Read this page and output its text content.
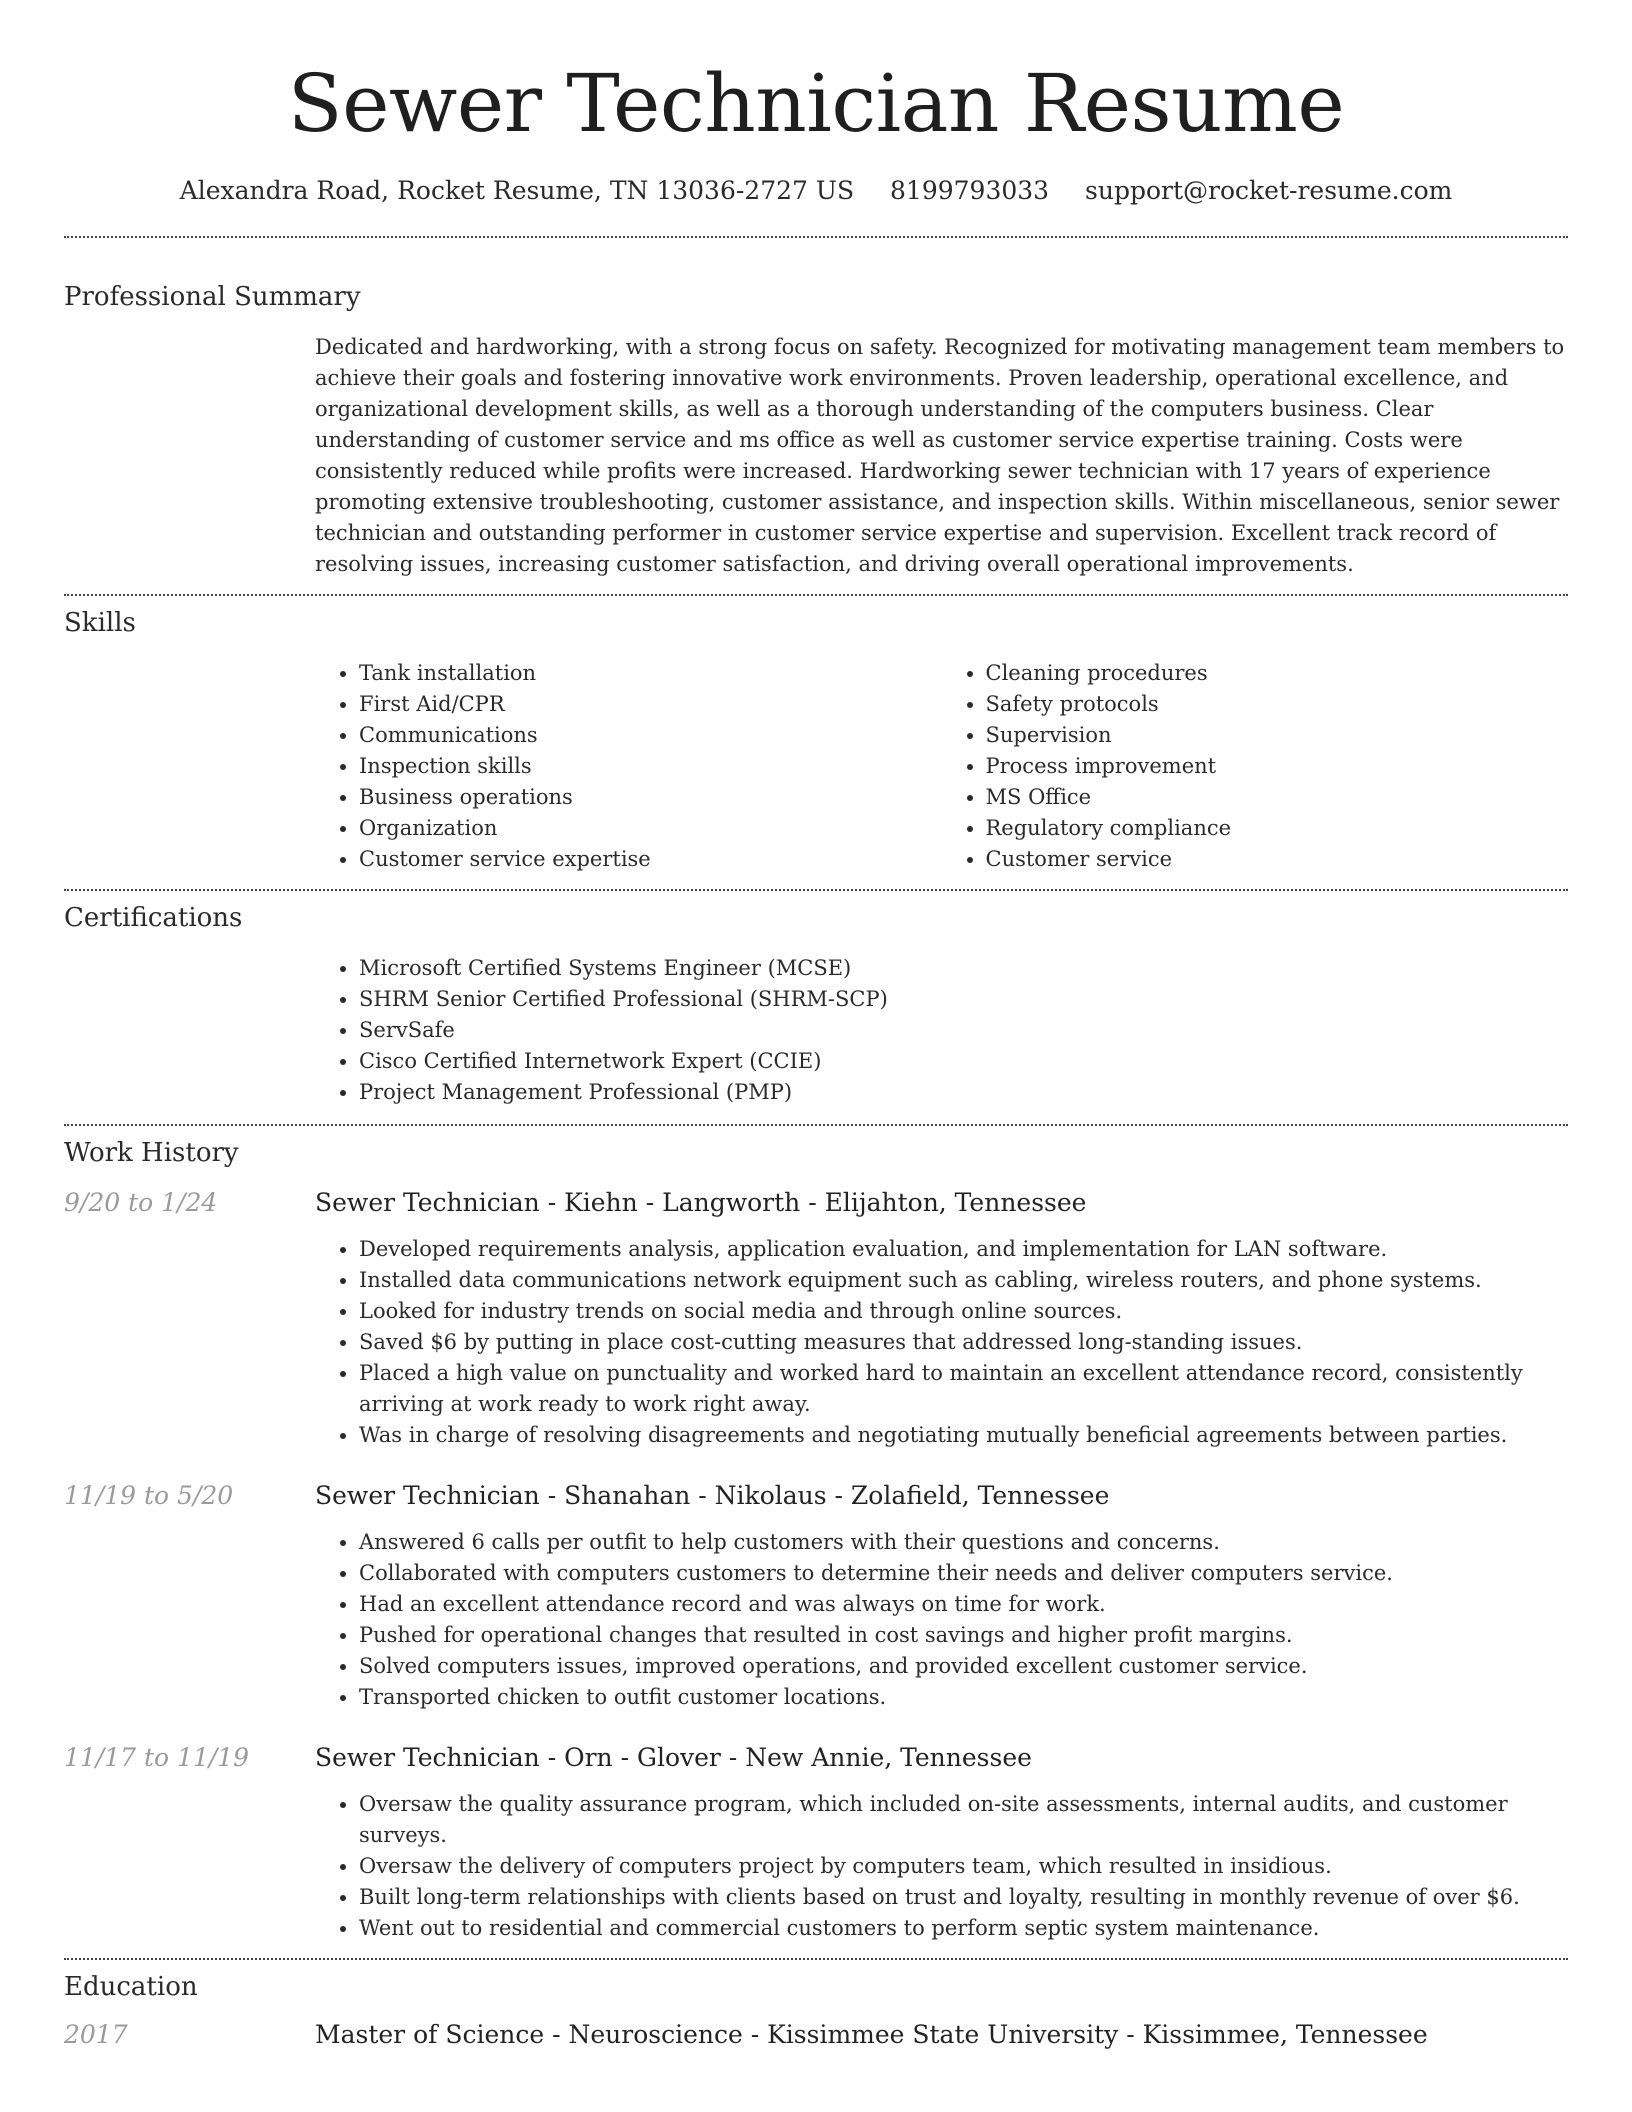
Sewer Technician Resume
Alexandra Road, Rocket Resume, TN 13036-2727 US 8199793033 support@rocket-resume.com
Professional Summary

Dedicated and hardworking, with a strong focus on safety. Recognized for motivating management team members to achieve their goals and fostering innovative work environments. Proven leadership, operational excellence, and organizational development skills, as well as a thorough understanding of the computers business. Clear understanding of customer service and ms office as well as customer service expertise training. Costs were consistently reduced while profits were increased. Hardworking sewer technician with 17 years of experience promoting extensive troubleshooting, customer assistance, and inspection skills. Within miscellaneous, senior sewer technician and outstanding performer in customer service expertise and supervision. Excellent track record of resolving issues, increasing customer satisfaction, and driving overall operational improvements.

Skills
• Tank installation
• First Aid/CPR
• Communications
• Inspection skills
• Business operations
• Organization
• Customer service expertise
• Cleaning procedures
• Safety protocols
• Supervision
• Process improvement
• MS Office
• Regulatory compliance
• Customer service
Certifications
• Microsoft Certified Systems Engineer (MCSE)
• SHRM Senior Certified Professional (SHRM-SCP)
• ServSafe
• Cisco Certified Internetwork Expert (CCIE)
• Project Management Professional (PMP)
Work History
9/20 to 1/24	Sewer Technician - Kiehn - Langworth - Elijahton, Tennessee
• Developed requirements analysis, application evaluation, and implementation for LAN software.
• Installed data communications network equipment such as cabling, wireless routers, and phone systems.
• Looked for industry trends on social media and through online sources.
• Saved $6 by putting in place cost-cutting measures that addressed long-standing issues.
• Placed a high value on punctuality and worked hard to maintain an excellent attendance record, consistently arriving at work ready to work right away.
• Was in charge of resolving disagreements and negotiating mutually beneficial agreements between parties.
11/19 to 5/20	Sewer Technician - Shanahan - Nikolaus - Zolafield, Tennessee
• Answered 6 calls per outfit to help customers with their questions and concerns.
• Collaborated with computers customers to determine their needs and deliver computers service.
• Had an excellent attendance record and was always on time for work.
• Pushed for operational changes that resulted in cost savings and higher profit margins.
• Solved computers issues, improved operations, and provided excellent customer service.
• Transported chicken to outfit customer locations.
11/17 to 11/19	Sewer Technician - Orn - Glover - New Annie, Tennessee
• Oversaw the quality assurance program, which included on-site assessments, internal audits, and customer surveys.
• Oversaw the delivery of computers project by computers team, which resulted in insidious.
• Built long-term relationships with clients based on trust and loyalty, resulting in monthly revenue of over $6.
• Went out to residential and commercial customers to perform septic system maintenance.
Education
2017	Master of Science - Neuroscience - Kissimmee State University - Kissimmee, Tennessee
